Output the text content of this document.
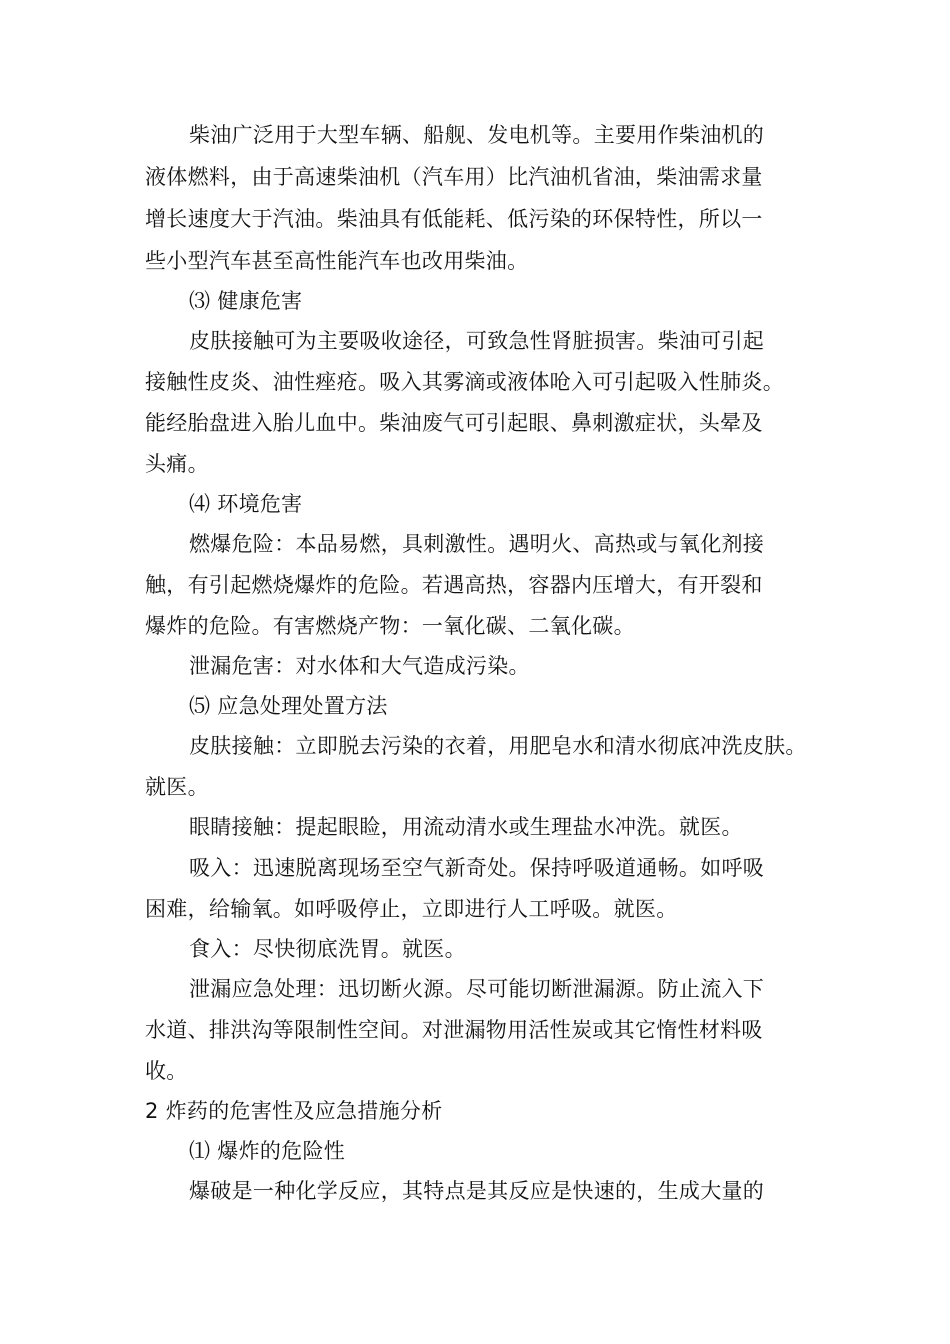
柴油广泛用于大型车辆、船舰、发电机等。主要用作柴油机的
液体燃料，由于高速柴油机（汽车用）比汽油机省油，柴油需求量
增长速度大于汽油。柴油具有低能耗、低污染的环保特性，所以一
些小型汽车甚至高性能汽车也改用柴油。
⑶ 健康危害
皮肤接触可为主要吸收途径，可致急性肾脏损害。柴油可引起
接触性皮炎、油性痤疮。吸入其雾滴或液体呛入可引起吸入性肺炎。
能经胎盘进入胎儿血中。柴油废气可引起眼、鼻刺激症状，头晕及
头痛。
⑷ 环境危害
燃爆危险：本品易燃，具刺激性。遇明火、高热或与氧化剂接
触，有引起燃烧爆炸的危险。若遇高热，容器内压增大，有开裂和
爆炸的危险。有害燃烧产物：一氧化碳、二氧化碳。
泄漏危害：对水体和大气造成污染。
⑸ 应急处理处置方法
皮肤接触：立即脱去污染的衣着，用肥皂水和清水彻底冲洗皮肤。
就医。
眼睛接触：提起眼睑，用流动清水或生理盐水冲洗。就医。
吸入：迅速脱离现场至空气新奇处。保持呼吸道通畅。如呼吸
困难，给输氧。如呼吸停止，立即进行人工呼吸。就医。
食入：尽快彻底洗胃。就医。
泄漏应急处理：迅切断火源。尽可能切断泄漏源。防止流入下
水道、排洪沟等限制性空间。对泄漏物用活性炭或其它惰性材料吸
收。
2 炸药的危害性及应急措施分析
⑴ 爆炸的危险性
爆破是一种化学反应，其特点是其反应是快速的，生成大量的
